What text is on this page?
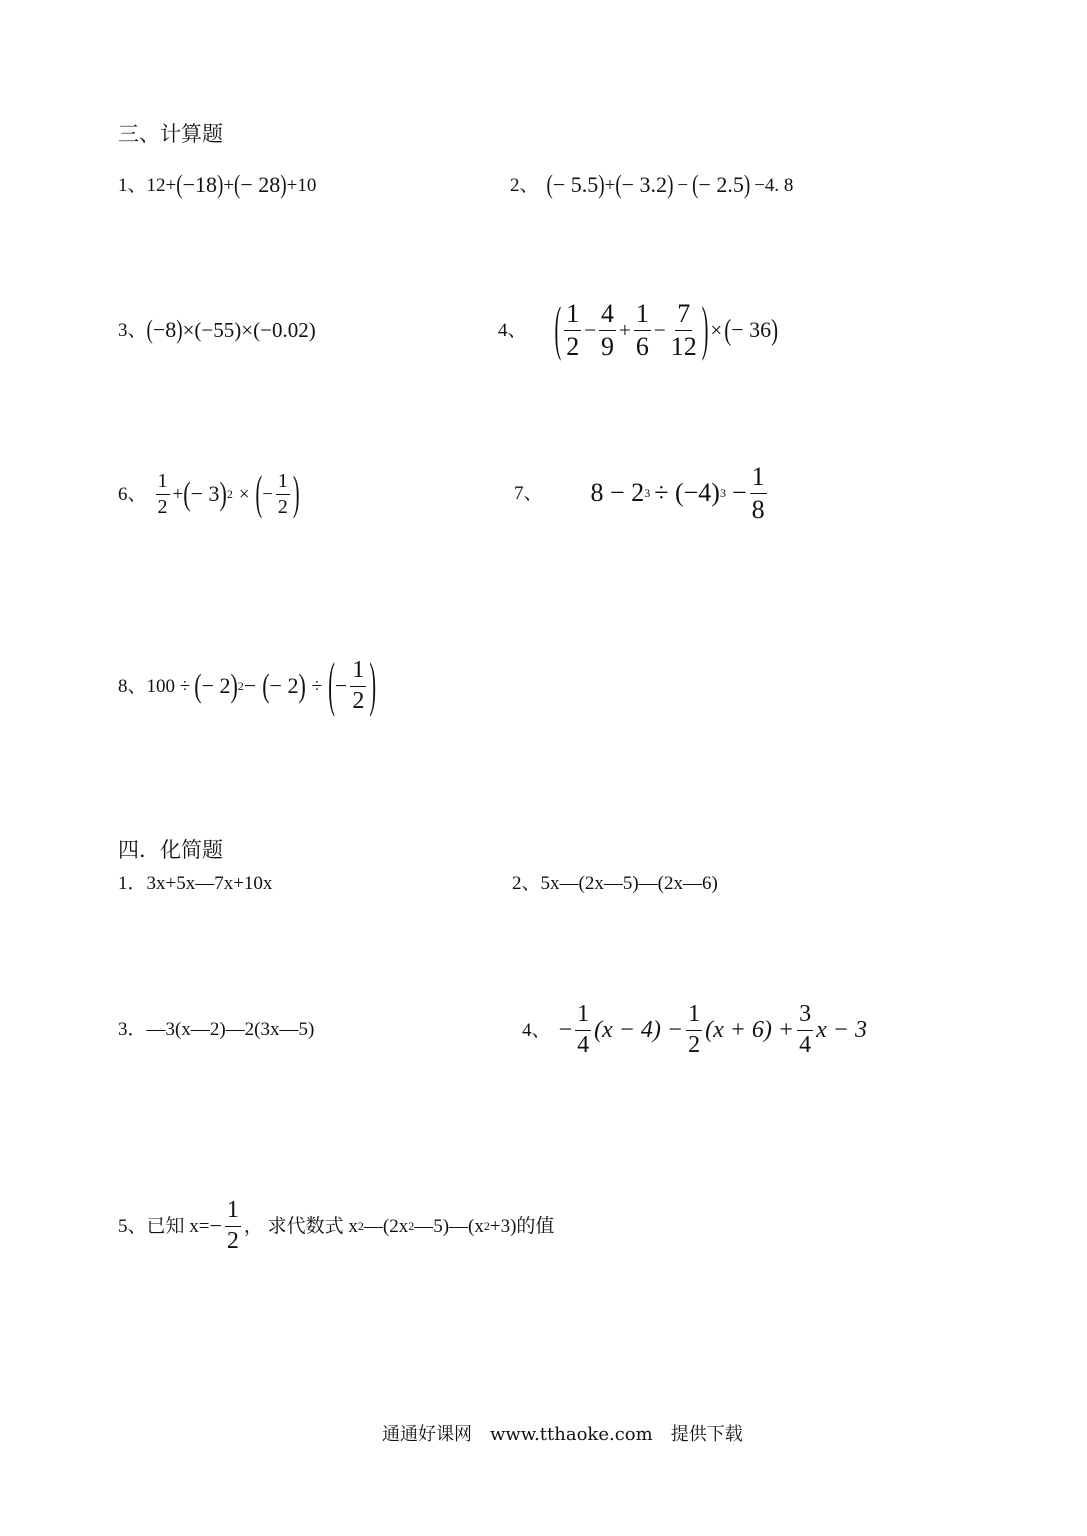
三、计算题
1、 12+ ( −18 ) + ( − 28 ) +10	2、 ( − 5.5 ) + ( − 3.2 ) − ( − 2.5 ) −4. 8
3、 ( −8 ) ×(−55)×(−0.02)	4、 ( $\frac{1}{2} - \frac{4}{9} + \frac{1}{6} - \frac{7}{12}$ ) × ( − 36 )
6、 $\frac{1}{2}$ + ( − 3 ) 2 × ( − $\frac{1}{2}$ )	7、 8 − 2 3 ÷ (−4) $3 - \frac{1}{8}$
8、 100 ÷ ( − 2 ) 2 − ( − 2 ) ÷ ( − $\frac{1}{2}$ )
四．化简题
1．3x+5x—7x+10x	2、5x—(2x—5)—(2x—6)
3．—3(x—2)—2(3x—5)	4、 − $\frac{1}{4} (x - 4) - \frac{1}{2} (x + 6) + \frac{3}{4}$ x − 3
5、已知 $x= - \frac{1}{2}$ ， 求代数式 x 2 —(2x 2 —5)—(x 2 +3)的值
通通好课网　www.tthaoke.com　提供下载
